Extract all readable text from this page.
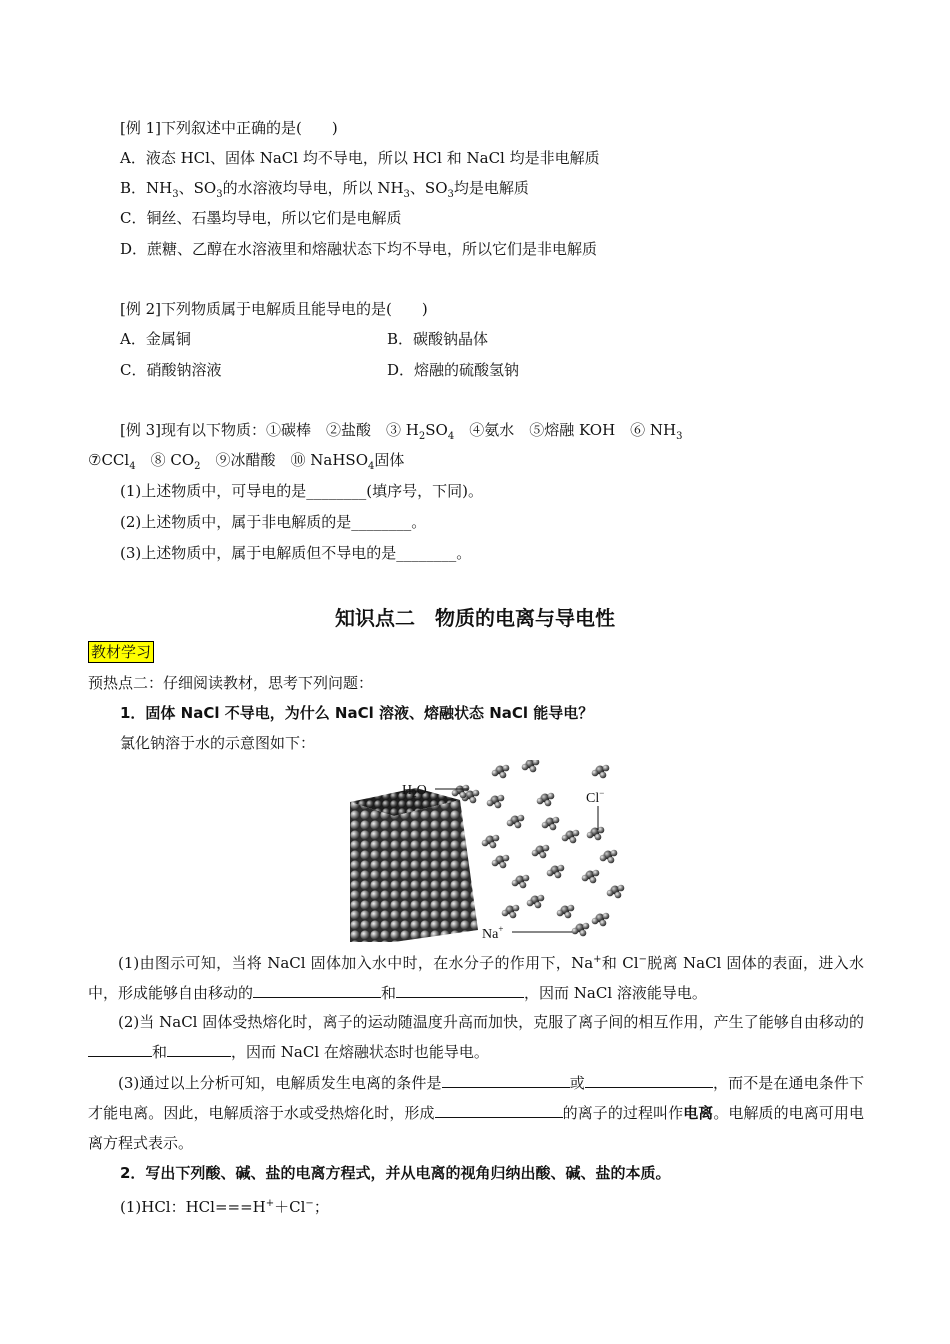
[例 1]下列叙述中正确的是(　　)
A．液态 HCl、固体 NaCl 均不导电，所以 HCl 和 NaCl 均是非电解质
B．$NH_3$、$SO_3$的水溶液均导电，所以 $NH_3$、$SO_3$均是电解质
C．铜丝、石墨均导电，所以它们是电解质
D．蔗糖、乙醇在水溶液里和熔融状态下均不导电，所以它们是非电解质
[例 2]下列物质属于电解质且能导电的是(　　)
A．金属铜	B．碳酸钠晶体
C．硝酸钠溶液	D．熔融的硫酸氢钠
[例 3]现有以下物质：①碳棒　②盐酸　③ $H_2SO_4$　④氨水　⑤熔融 KOH　⑥ $NH_3$
⑦CCl$_4$　⑧ $CO_2$　⑨冰醋酸　⑩ NaHSO$_4$固体
(1)上述物质中，可导电的是________(填序号，下同)。
(2)上述物质中，属于非电解质的是________。
(3)上述物质中，属于电解质但不导电的是________。
知识点二　物质的电离与导电性
教材学习
预热点二：仔细阅读教材，思考下列问题：
1．固体 NaCl 不导电，为什么 NaCl 溶液、熔融状态 NaCl 能导电？
氯化钠溶于水的示意图如下：
$H_2O$
Cl−
Na+
(1)由图示可知，当将 NaCl 固体加入水中时，在水分子的作用下，Na+和 Cl−脱离 NaCl 固体的表面，进入水中，形成能够自由移动的	和	，因而 NaCl 溶液能导电。
(2)当 NaCl 固体受热熔化时，离子的运动随温度升高而加快，克服了离子间的相互作用，产生了能够自由移动的和	，因而 NaCl 在熔融状态时也能导电。
(3)通过以上分析可知，电解质发生电离的条件是	或	，而不是在通电条件下才能电离。因此，电解质溶于水或受热熔化时，形成	的离子的过程叫作电离。电解质的电离可用电离方程式表示。
2．写出下列酸、碱、盐的电离方程式，并从电离的视角归纳出酸、碱、盐的本质。
(1)HCl：HCl===H+＋Cl−；
